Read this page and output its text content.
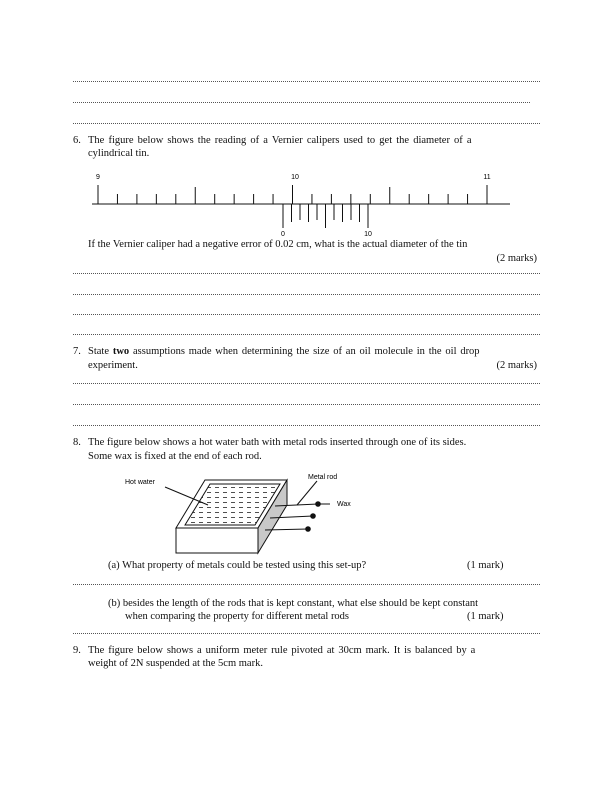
6. The figure below shows the reading of a Vernier calipers used to get the diameter of a
cylindrical tin.
9	10	11
0	10
If the Vernier caliper had a negative error of 0.02 cm, what is the actual diameter of the tin
(2 marks)
7. State two assumptions made when determining the size of an oil molecule in the oil drop
experiment.	(2 marks)
8. The figure below shows a hot water bath with metal rods inserted through one of its sides.
Some wax is fixed at the end of each rod.
Hot water
Metal rod
Wax
(a) What property of metals could be tested using this set-up?	(1 mark)
(b) besides the length of the rods that is kept constant, what else should be kept constant
when comparing the property for different metal rods	(1 mark)
9. The figure below shows a uniform meter rule pivoted at 30cm mark. It is balanced by a
weight of 2N suspended at the 5cm mark.
